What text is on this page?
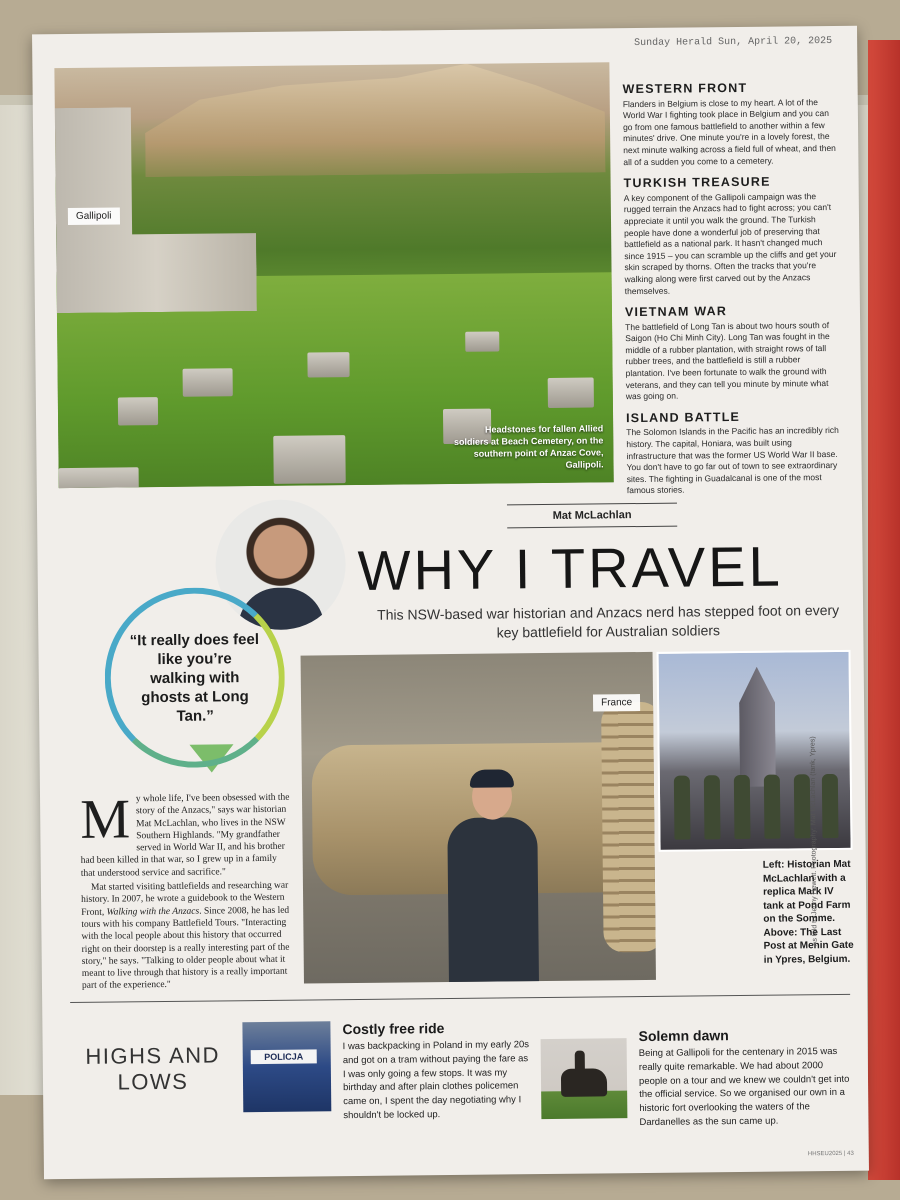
Sunday Herald Sun, April 20, 2025
Gallipoli
Headstones for fallen Allied soldiers at Beach Cemetery, on the southern point of Anzac Cove, Gallipoli.
WESTERN FRONT
Flanders in Belgium is close to my heart. A lot of the World War I fighting took place in Belgium and you can go from one famous battlefield to another within a few minutes' drive. One minute you're in a lovely forest, the next minute walking across a field full of wheat, and then all of a sudden you come to a cemetery.
TURKISH TREASURE
A key component of the Gallipoli campaign was the rugged terrain the Anzacs had to fight across; you can't appreciate it until you walk the ground. The Turkish people have done a wonderful job of preserving that battlefield as a national park. It hasn't changed much since 1915 – you can scramble up the cliffs and get your skin scraped by thorns. Often the tracks that you're walking along were first carved out by the Anzacs themselves.
VIETNAM WAR
The battlefield of Long Tan is about two hours south of Saigon (Ho Chi Minh City). Long Tan was fought in the middle of a rubber plantation, with straight rows of tall rubber trees, and the battlefield is still a rubber plantation. I've been fortunate to walk the ground with veterans, and they can tell you minute by minute what was going on.
ISLAND BATTLE
The Solomon Islands in the Pacific has an incredibly rich history. The capital, Honiara, was built using infrastructure that was the former US World War II base. You don't have to go far out of town to see extraordinary sites. The fighting in Guadalcanal is one of the most famous stories.
Mat McLachlan
WHY I TRAVEL
This NSW-based war historian and Anzacs nerd has stepped foot on every key battlefield for Australian soldiers
“It really does feel like you’re walking with ghosts at Long Tan.”
France
Left: Historian Mat McLachlan with a replica Mark IV tank at Pond Farm on the Somme. Above: The Last Post at Menin Gate in Ypres, Belgium.
As told to Jenny Hewett. Photography: Mat McLachlan (tank, Ypres)

My whole life, I've been obsessed with the story of the Anzacs," says war historian Mat McLachlan, who lives in the NSW Southern Highlands. "My grandfather served in World War II, and his brother had been killed in that war, so I grew up in a family that understood service and sacrifice."

Mat started visiting battlefields and researching war history. In 2007, he wrote a guidebook to the Western Front, Walking with the Anzacs. Since 2008, he has led tours with his company Battlefield Tours. "Interacting with the local people about this history that occurred right on their doorstep is a really interesting part of the story," he says. "Talking to older people about what it meant to live through that history is a really important part of the experience."

HIGHS AND LOWS
POLICJA
Costly free ride
I was backpacking in Poland in my early 20s and got on a tram without paying the fare as I was only going a few stops. It was my birthday and after plain clothes policemen came on, I spent the day negotiating why I shouldn't be locked up.
Solemn dawn
Being at Gallipoli for the centenary in 2015 was really quite remarkable. We had about 2000 people on a tour and we knew we couldn't get into the official service. So we organised our own in a historic fort overlooking the waters of the Dardanelles as the sun came up.
HHSEU2025 | 43
